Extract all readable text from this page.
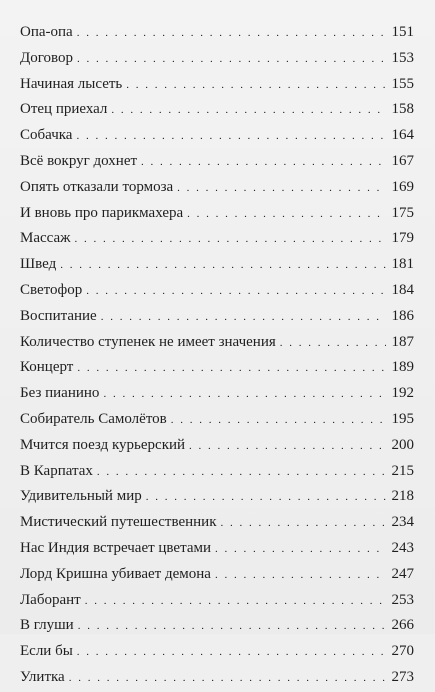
Опа-опа . . .	151
Договор . . .	153
Начиная лысеть . . .	155
Отец приехал . . .	158
Собачка . . .	164
Всё вокруг дохнет . . .	167
Опять отказали тормоза . . .	169
И вновь про парикмахера . . .	175
Массаж . . .	179
Швед . . .	181
Светофор . . .	184
Воспитание . . .	186
Количество ступенек не имеет значения . . .	187
Концерт . . .	189
Без пианино . . .	192
Собиратель Самолётов . . .	195
Мчится поезд курьерский . . .	200
В Карпатах . . .	215
Удивительный мир . . .	218
Мистический путешественник . . .	234
Нас Индия встречает цветами . . .	243
Лорд Кришна убивает демона . . .	247
Лаборант . . .	253
В глуши . . .	266
Если бы . . .	270
Улитка . . .	273
